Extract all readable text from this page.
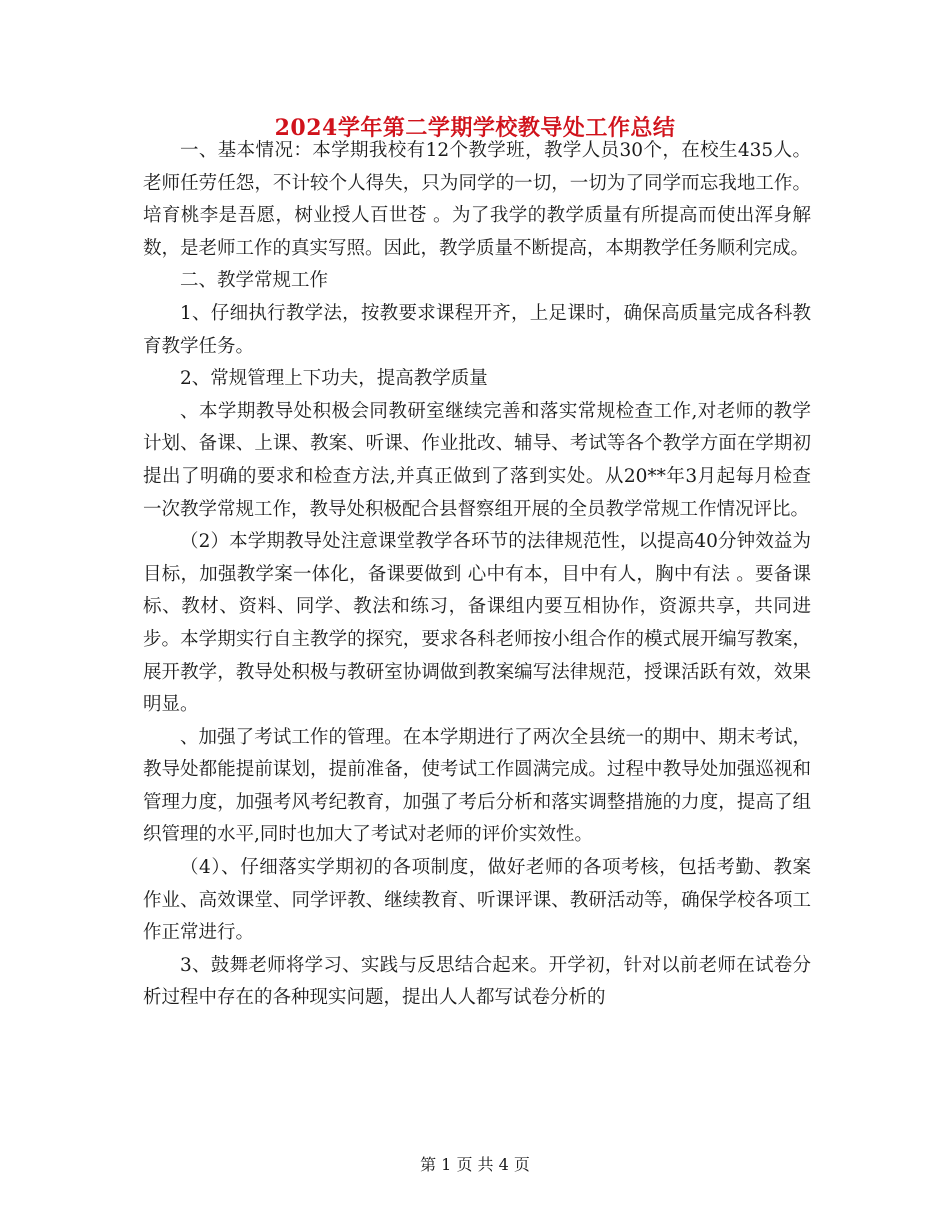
2024学年第二学期学校教导处工作总结

一、基本情况：本学期我校有12个教学班，教学人员30个，在校生435人。老师任劳任怨，不计较个人得失，只为同学的一切，一切为了同学而忘我地工作。 培育桃李是吾愿，树业授人百世苍 。为了我学的教学质量有所提高而使出浑身解数，是老师工作的真实写照。因此，教学质量不断提高，本期教学任务顺利完成。

二、教学常规工作

1、仔细执行教学法，按教要求课程开齐，上足课时，确保高质量完成各科教育教学任务。

2、常规管理上下功夫，提高教学质量

、本学期教导处积极会同教研室继续完善和落实常规检查工作,对老师的教学计划、备课、上课、教案、听课、作业批改、辅导、考试等各个教学方面在学期初提出了明确的要求和检查方法,并真正做到了落到实处。从20**年3月起每月检查一次教学常规工作，教导处积极配合县督察组开展的全员教学常规工作情况评比。

（2）本学期教导处注意课堂教学各环节的法律规范性，以提高40分钟效益为目标，加强教学案一体化，备课要做到 心中有本，目中有人，胸中有法 。要备课标、教材、资料、同学、教法和练习，备课组内要互相协作，资源共享，共同进步。本学期实行自主教学的探究，要求各科老师按小组合作的模式展开编写教案，展开教学，教导处积极与教研室协调做到教案编写法律规范，授课活跃有效，效果明显。

、加强了考试工作的管理。在本学期进行了两次全县统一的期中、期末考试，教导处都能提前谋划，提前准备，使考试工作圆满完成。过程中教导处加强巡视和管理力度，加强考风考纪教育，加强了考后分析和落实调整措施的力度，提高了组织管理的水平,同时也加大了考试对老师的评价实效性。

（4）、仔细落实学期初的各项制度，做好老师的各项考核，包括考勤、教案作业、高效课堂、同学评教、继续教育、听课评课、教研活动等，确保学校各项工作正常进行。

3、鼓舞老师将学习、实践与反思结合起来。开学初，针对以前老师在试卷分析过程中存在的各种现实问题，提出人人都写试卷分析的

第 1 页 共 4 页
